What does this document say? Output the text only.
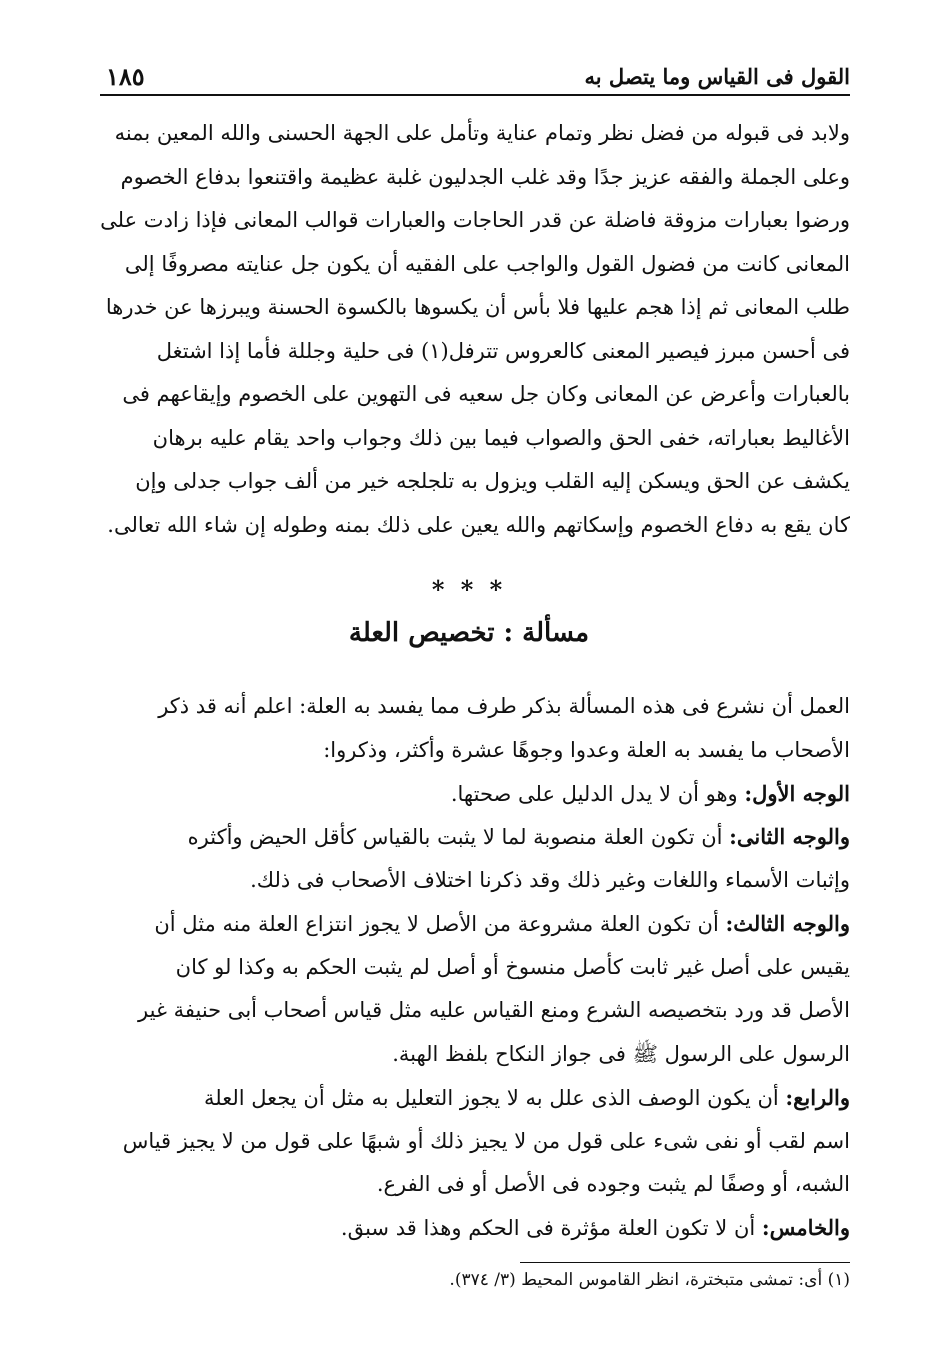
القول فى القياس وما يتصل به
١٨٥
ولابد فى قبوله من فضل نظر وتمام عناية وتأمل على الجهة الحسنى والله المعين بمنه
وعلى الجملة والفقه عزيز جدًا وقد غلب الجدليون غلبة عظيمة واقتنعوا بدفاع الخصوم
ورضوا بعبارات مزوقة فاضلة عن قدر الحاجات والعبارات قوالب المعانى فإذا زادت على
المعانى كانت من فضول القول والواجب على الفقيه أن يكون جل عنايته مصروفًا إلى
طلب المعانى ثم إذا هجم عليها فلا بأس أن يكسوها بالكسوة الحسنة ويبرزها عن خدرها
فى أحسن مبرز فيصير المعنى كالعروس تترفل(١) فى حلية وجللة فأما إذا اشتغل
بالعبارات وأعرض عن المعانى وكان جل سعيه فى التهوين على الخصوم وإيقاعهم فى
الأغاليط بعباراته، خفى الحق والصواب فيما بين ذلك وجواب واحد يقام عليه برهان
يكشف عن الحق ويسكن إليه القلب ويزول به تلجلجه خير من ألف جواب جدلى وإن
كان يقع به دفاع الخصوم وإسكاتهم والله يعين على ذلك بمنه وطوله إن شاء الله تعالى.
* * *
مسألة : تخصيص العلة
العمل أن نشرع فى هذه المسألة بذكر طرف مما يفسد به العلة: اعلم أنه قد ذكر
الأصحاب ما يفسد به العلة وعدوا وجوهًا عشرة وأكثر، وذكروا:
الوجه الأول: وهو أن لا يدل الدليل على صحتها.
والوجه الثانى: أن تكون العلة منصوبة لما لا يثبت بالقياس كأقل الحيض وأكثره
وإثبات الأسماء واللغات وغير ذلك وقد ذكرنا اختلاف الأصحاب فى ذلك.
والوجه الثالث: أن تكون العلة مشروعة من الأصل لا يجوز انتزاع العلة منه مثل أن
يقيس على أصل غير ثابت كأصل منسوخ أو أصل لم يثبت الحكم به وكذا لو كان
الأصل قد ورد بتخصيصه الشرع ومنع القياس عليه مثل قياس أصحاب أبى حنيفة غير
الرسول على الرسول ﷺ فى جواز النكاح بلفظ الهبة.
والرابع: أن يكون الوصف الذى علل به لا يجوز التعليل به مثل أن يجعل العلة
اسم لقب أو نفى شىء على قول من لا يجيز ذلك أو شبهًا على قول من لا يجيز قياس
الشبه، أو وصفًا لم يثبت وجوده فى الأصل أو فى الفرع.
والخامس: أن لا تكون العلة مؤثرة فى الحكم وهذا قد سبق.
(١) أى: تمشى متبخترة، انظر القاموس المحيط (٣/ ٣٧٤).
